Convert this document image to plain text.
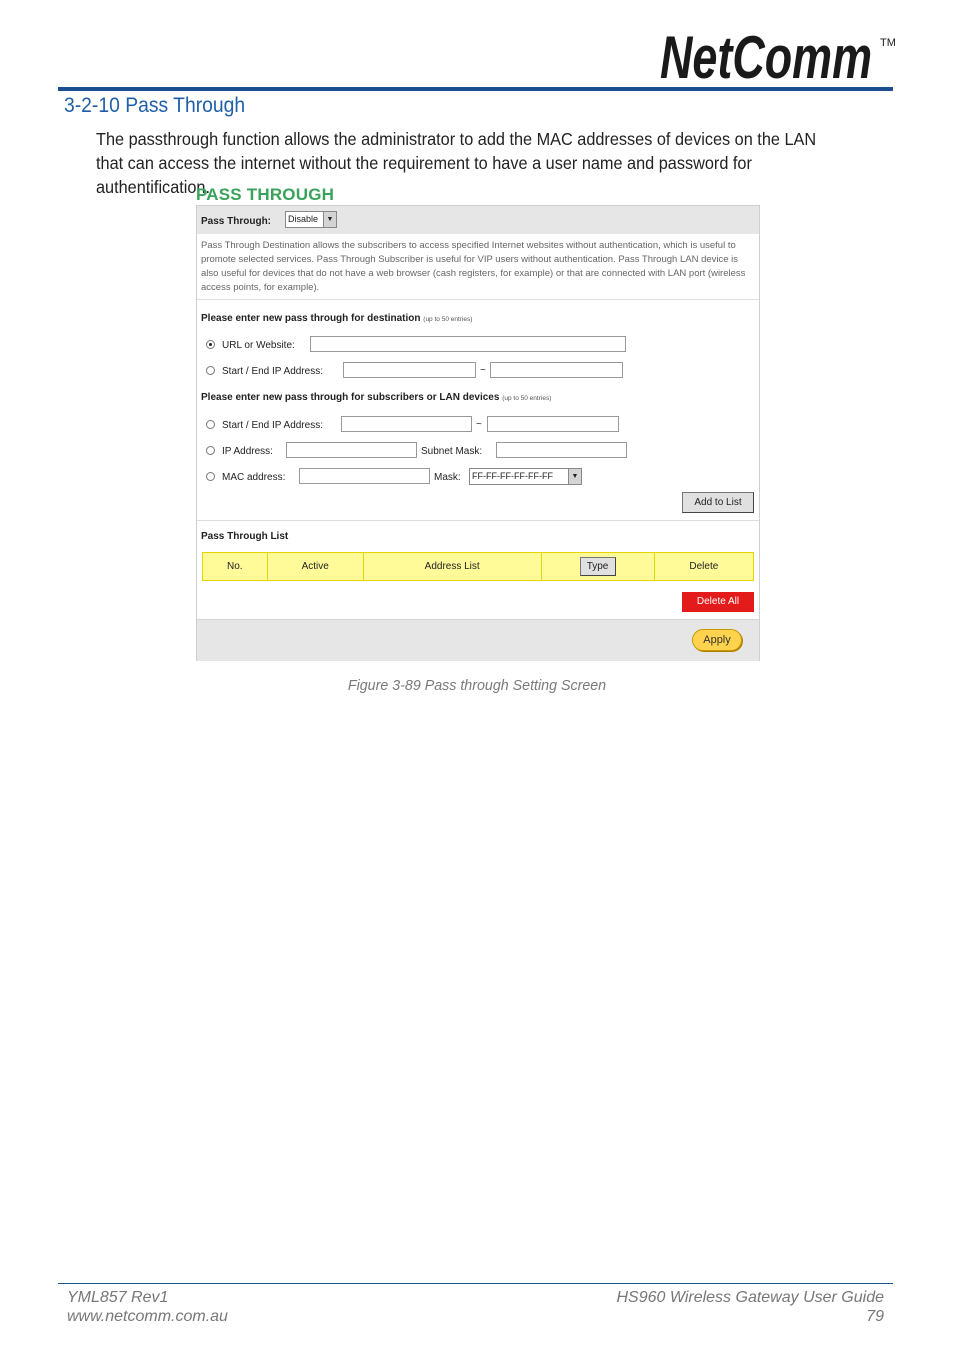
NetComm TM
3-2-10 Pass Through
The passthrough function allows the administrator to add the MAC addresses of devices on the LAN that can access the internet without the requirement to have a user name and password for authentification.
PASS THROUGH
Pass Through:	Disable	▼
Pass Through Destination allows the subscribers to access specified Internet websites without authentication, which is useful to promote selected services. Pass Through Subscriber is useful for VIP users without authentication. Pass Through LAN device is also useful for devices that do not have a web browser (cash registers, for example) or that are connected with LAN port (wireless access points, for example).
Please enter new pass through for destination (up to 50 entries)
URL or Website:
Start / End IP Address:	~
Please enter new pass through for subscribers or LAN devices (up to 50 entries)
Start / End IP Address:	~
IP Address:	Subnet Mask:
MAC address:	Mask:	FF-FF-FF-FF-FF-FF	▼
Add to List
Pass Through List
No.	Active	Address List	Type	Delete
Delete All
Apply
Figure 3-89 Pass through Setting Screen
YML857 Rev1
www.netcomm.com.au
HS960 Wireless Gateway User Guide
79
